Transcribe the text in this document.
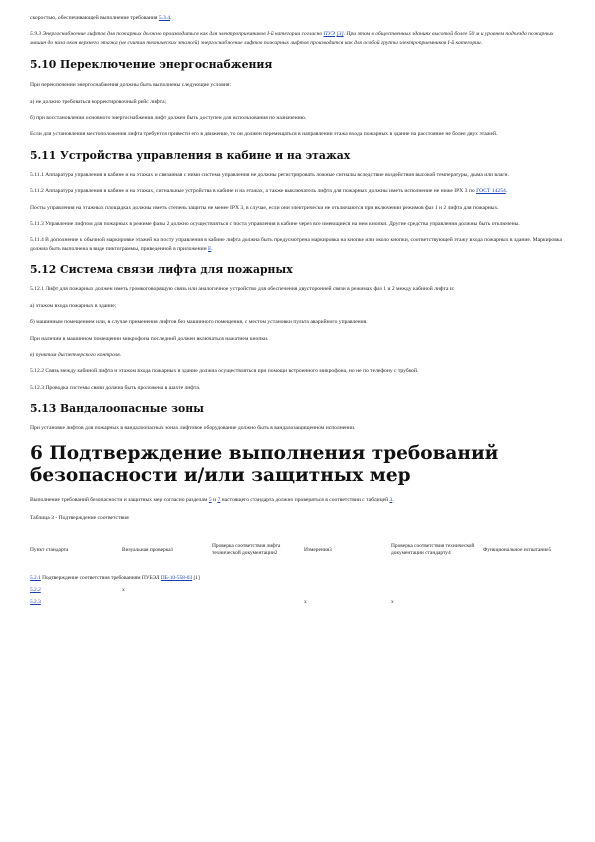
скоростью, обеспечивающей выполнение требования 5.3.4.

5.9.3 Энергоснабжение лифтов для пожарных должно производиться как для электроприемников I-й категории согласно ПУЭ [3]. При этом в общественных зданиях высотой более 50 м и уровнем подъезда пожарных машин до низа окон верхнего этажа (не считая технических этажей) энергоснабжение лифтов пожарных лифтов производится как для особой группы электроприемников I-й категории.

5.10 Переключение энергоснабжения

При переключении энергоснабжения должны быть выполнены следующие условия:

а) не должно требоваться корректировочный рейс лифта;

б) при восстановлении основного энергоснабжения лифт должен быть доступен для использования по назначению.

Если для установления местоположения лифта требуется привести его в движение, то он должен перемещаться в направлении этажа входа пожарных в здание на расстояние не более двух этажей.

5.11 Устройства управления в кабине и на этажах

5.11.1 Аппаратура управления в кабине и на этажах и связанная с ними система управления не должны регистрировать ложные сигналы вследствие воздействия высокой температуры, дыма или влаги.

5.11.2 Аппаратура управления в кабине и на этажах, сигнальные устройства в кабине и на этажах, а также выключатель лифта для пожарных должны иметь исполнение не ниже IPX 3 по ГОСТ 14254.

Посты управления на этажных площадках должны иметь степень защиты не менее IPX 3, в случае, если они электрически не отключаются при включении режимов фаз 1 и 2 лифта для пожарных.

5.11.3 Управление лифтом для пожарных в режиме фазы 2 должно осуществляться с поста управления в кабине через все имеющиеся на нем кнопки. Другие средства управления должны быть отключены.

5.11.4 В дополнение к обычной маркировке этажей на посту управления в кабине лифта должна быть предусмотрена маркировка на кнопке или около кнопки, соответствующей этажу входа пожарных в здание. Маркировка должна быть выполнена в виде пиктограммы, приведенной в приложении Е.

5.12 Система связи лифта для пожарных

5.12.1 Лифт для пожарных должен иметь громкоговорящую связь или аналогичное устройство для обеспечения двусторонней связи в режимах фаз 1 и 2 между кабиной лифта и:

а) этажом входа пожарных в здание;

б) машинным помещением или, в случае применения лифтов без машинного помещения, с местом установки пульта аварийного управления.

При наличии в машинном помещении микрофона последний должен включаться нажатием кнопки.

в) пунктом диспетчерского контроля.

5.12.2 Связь между кабиной лифта и этажом входа пожарных в здание должна осуществляться при помощи встроенного микрофона, но не по телефону с трубкой.

5.12.3 Проводка системы связи должна быть проложена в шахте лифта.

5.13 Вандалоопасные зоны

При установке лифтов для пожарных в вандалоопасных зонах лифтовое оборудование должно быть в вандалозащищенном исполнении.

6 Подтверждение выполнения требований безопасности и/или защитных мер

Выполнение требований безопасности и защитных мер согласно разделам 5 и 7 настоящего стандарта должно проверяться в соответствии с таблицей 3.

Таблица 3 - Подтверждение соответствия

Пункт стандарта	Визуальная проверка1	Проверка соответствия лифта технической документации2	Измерения3	Проверка соответствия технической документации стандарту4	Функциональное испытание5
5.2.1 Подтверждение соответствия требованиям ПУБЭЛ ПБ-10-558-03 [1]					
5.2.2	x				
5.2.3			x	x	
